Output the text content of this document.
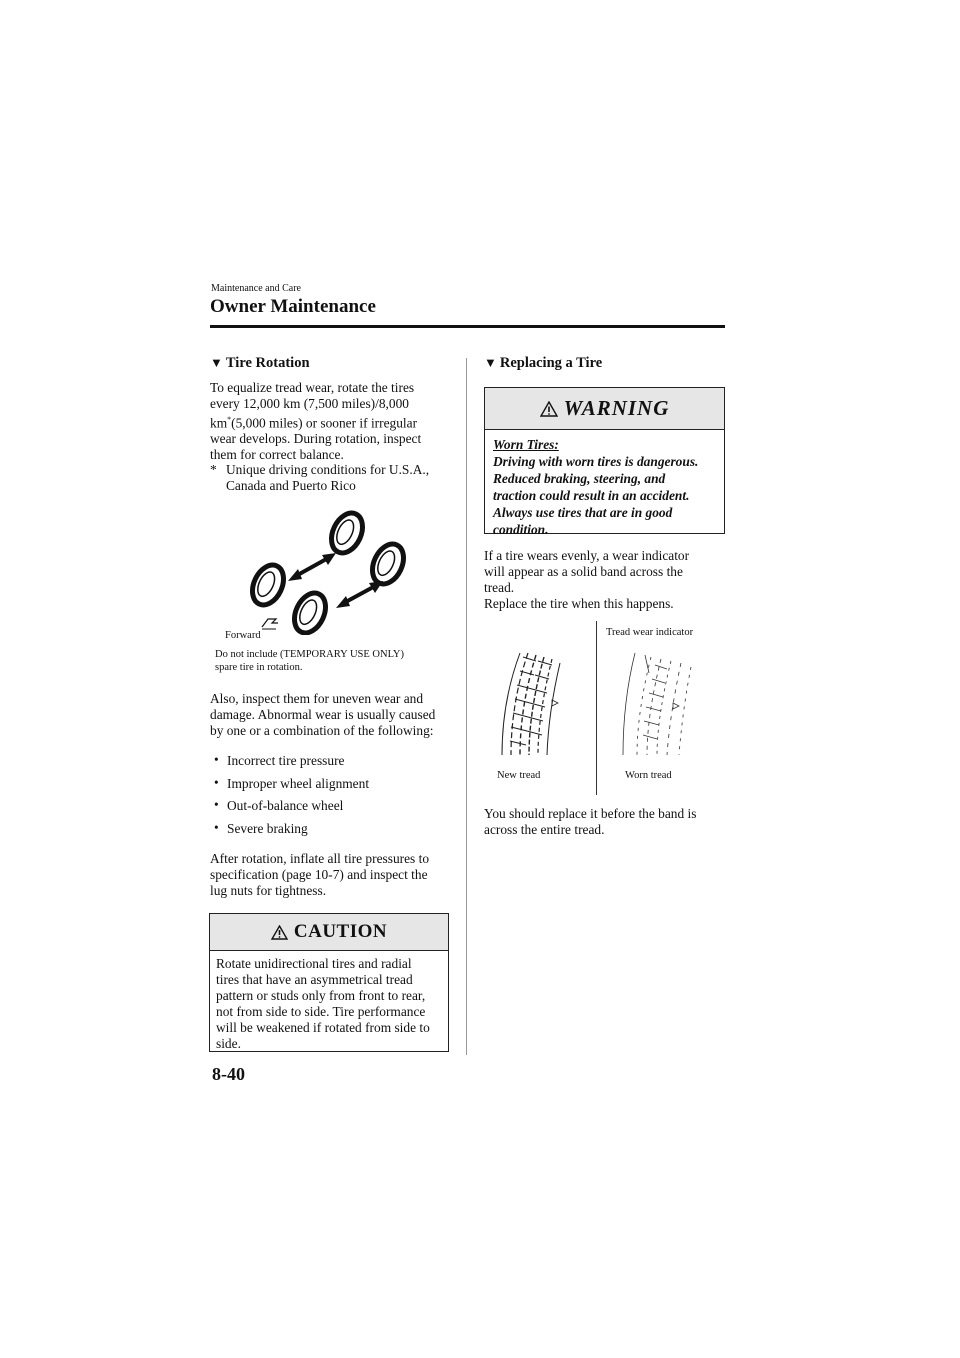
Maintenance and Care
Owner Maintenance
▼ Tire Rotation
To equalize tread wear, rotate the tires
every 12,000 km (7,500 miles)/8,000
km*(5,000 miles) or sooner if irregular
wear develops. During rotation, inspect
them for correct balance.
* Unique driving conditions for U.S.A.,
Canada and Puerto Rico
Forward
Do not include (TEMPORARY USE ONLY)
spare tire in rotation.
Also, inspect them for uneven wear and
damage. Abnormal wear is usually caused
by one or a combination of the following:
• Incorrect tire pressure
• Improper wheel alignment
• Out-of-balance wheel
• Severe braking
After rotation, inflate all tire pressures to
specification (page 10-7) and inspect the
lug nuts for tightness.
CAUTION
Rotate unidirectional tires and radial
tires that have an asymmetrical tread
pattern or studs only from front to rear,
not from side to side. Tire performance
will be weakened if rotated from side to
side.
▼ Replacing a Tire
WARNING
Worn Tires:
Driving with worn tires is dangerous.
Reduced braking, steering, and
traction could result in an accident.
Always use tires that are in good
condition.
If a tire wears evenly, a wear indicator
will appear as a solid band across the
tread.
Replace the tire when this happens.
Tread wear indicator
New tread	Worn tread
You should replace it before the band is
across the entire tread.
8-40
